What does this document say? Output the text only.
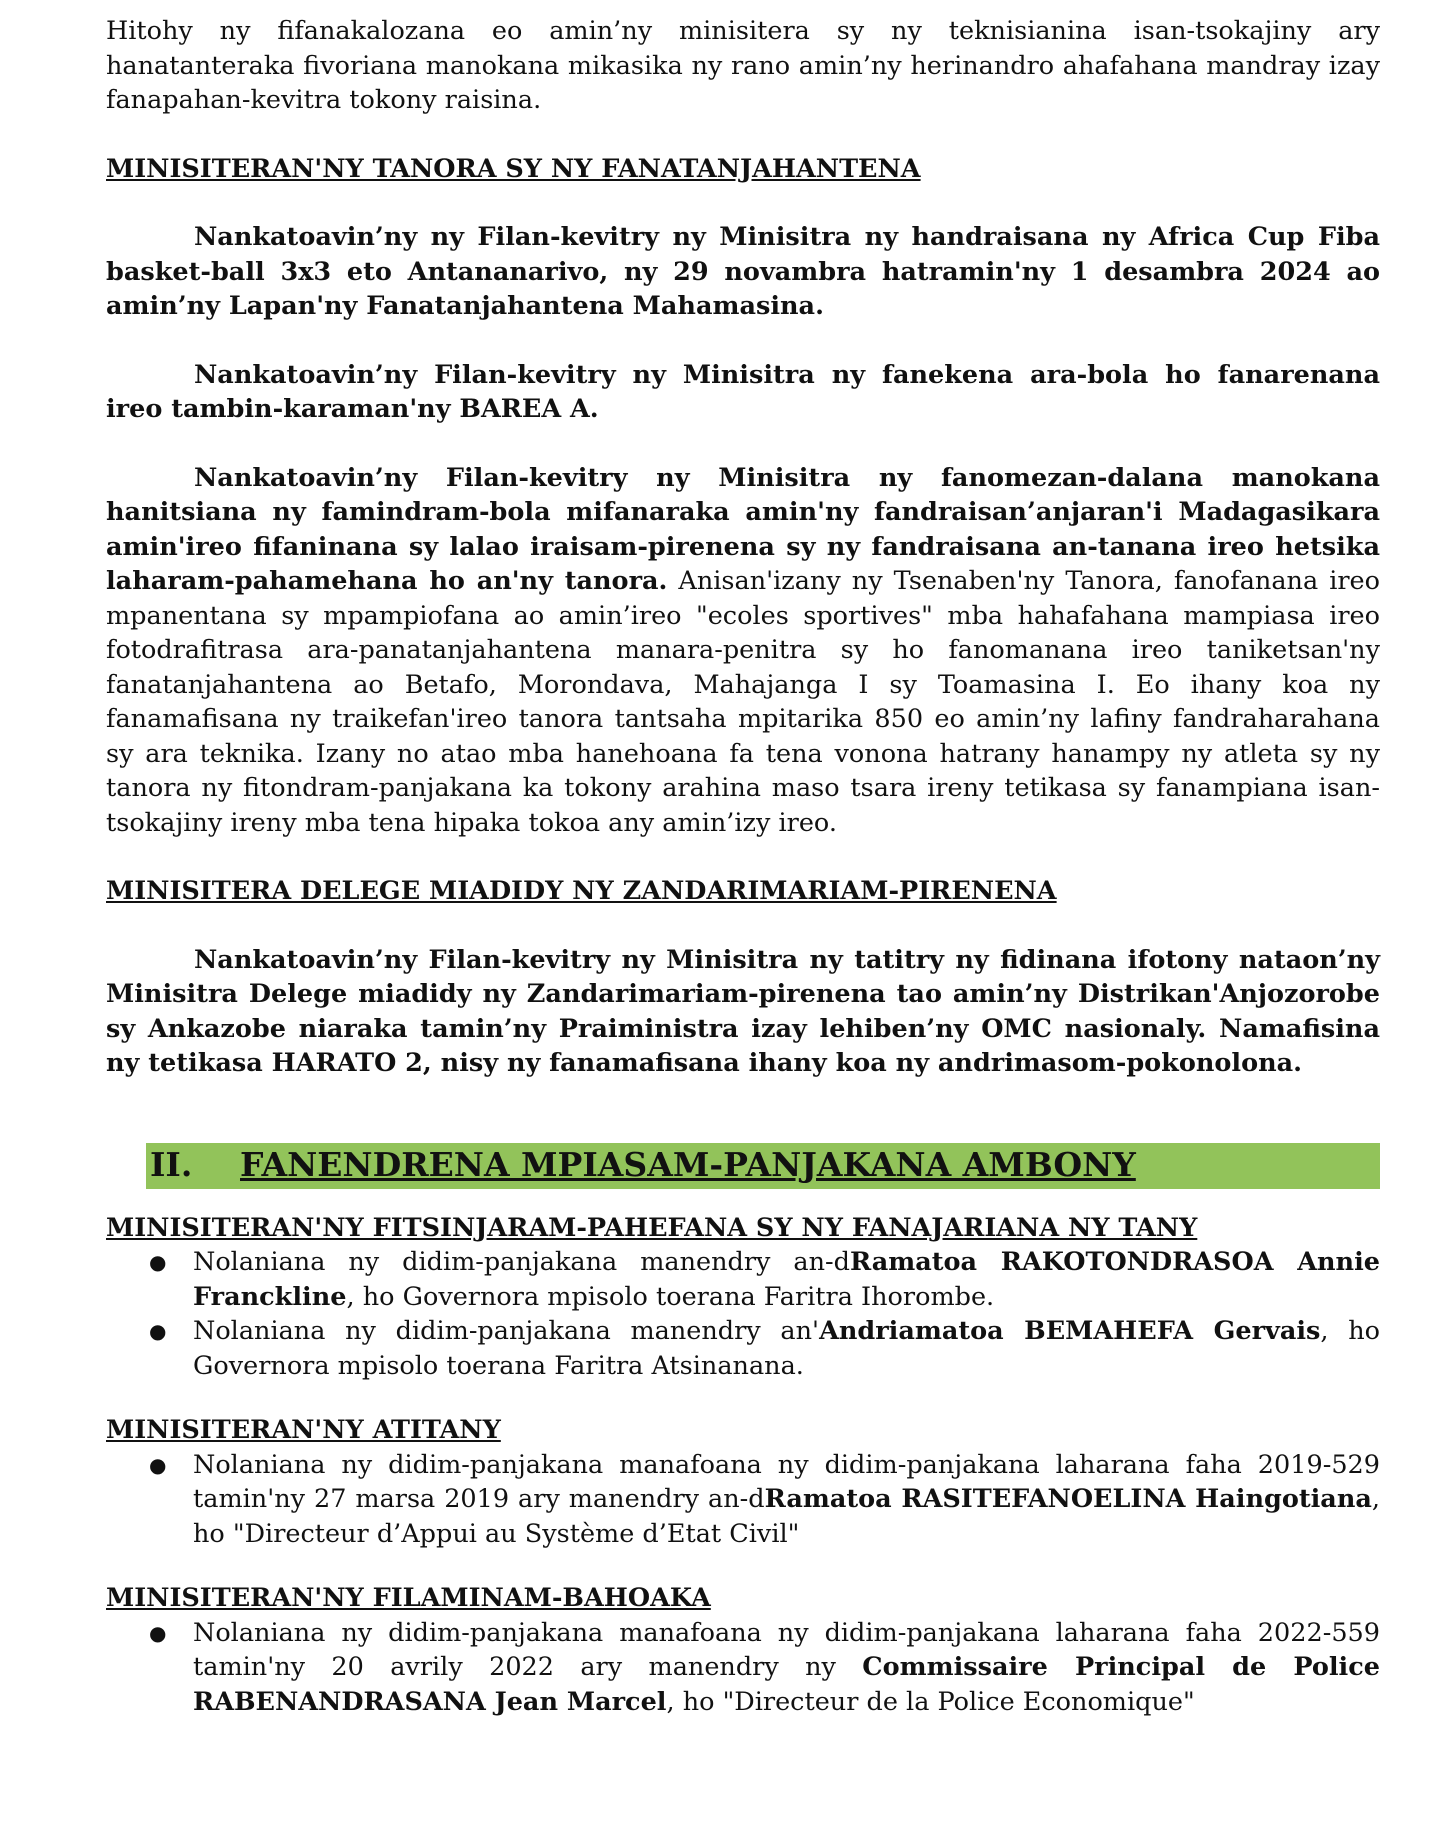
Hitohy ny fifanakalozana eo amin’ny minisitera sy ny teknisianina isan-tsokajiny ary hanatanteraka fivoriana manokana mikasika ny rano amin’ny herinandro ahafahana mandray izay fanapahan-kevitra tokony raisina.

MINISITERAN'NY TANORA SY NY FANATANJAHANTENA

Nankatoavin’ny ny Filan-kevitry ny Minisitra ny handraisana ny Africa Cup Fiba basket-ball 3x3 eto Antananarivo, ny 29 novambra hatramin'ny 1 desambra 2024 ao amin’ny Lapan'ny Fanatanjahantena Mahamasina.

Nankatoavin’ny Filan-kevitry ny Minisitra ny fanekena ara-bola ho fanarenana ireo tambin-karaman'ny BAREA A.

Nankatoavin’ny Filan-kevitry ny Minisitra ny fanomezan-dalana manokana hanitsiana ny famindram-bola mifanaraka amin'ny fandraisan’anjaran'i Madagasikara amin'ireo fifaninana sy lalao iraisam-pirenena sy ny fandraisana an-tanana ireo hetsika laharam-pahamehana ho an'ny tanora. Anisan'izany ny Tsenaben'ny Tanora, fanofanana ireo mpanentana sy mpampiofana ao amin’ireo "ecoles sportives" mba hahafahana mampiasa ireo fotodrafitrasa ara-panatanjahantena manara-penitra sy ho fanomanana ireo taniketsan'ny fanatanjahantena ao Betafo, Morondava, Mahajanga I sy Toamasina I. Eo ihany koa ny fanamafisana ny traikefan'ireo tanora tantsaha mpitarika 850 eo amin’ny lafiny fandraharahana sy ara teknika. Izany no atao mba hanehoana fa tena vonona hatrany hanampy ny atleta sy ny tanora ny fitondram-panjakana ka tokony arahina maso tsara ireny tetikasa sy fanampiana isan-tsokajiny ireny mba tena hipaka tokoa any amin’izy ireo.

MINISITERA DELEGE MIADIDY NY ZANDARIMARIAM-PIRENENA

Nankatoavin’ny Filan-kevitry ny Minisitra ny tatitry ny fidinana ifotony nataon’ny Minisitra Delege miadidy ny Zandarimariam-pirenena tao amin’ny Distrikan'Anjozorobe sy Ankazobe niaraka tamin’ny Praiministra izay lehiben’ny OMC nasionaly. Namafisina ny tetikasa HARATO 2, nisy ny fanamafisana ihany koa ny andrimasom-pokonolona.

II.	FANENDRENA MPIASAM-PANJAKANA AMBONY

MINISITERAN'NY FITSINJARAM-PAHEFANA SY NY FANAJARIANA NY TANY

● Nolaniana ny didim-panjakana manendry an-dRamatoa RAKOTONDRASOA Annie Franckline, ho Governora mpisolo toerana Faritra Ihorombe.
● Nolaniana ny didim-panjakana manendry an'Andriamatoa BEMAHEFA Gervais, ho Governora mpisolo toerana Faritra Atsinanana.

MINISITERAN'NY ATITANY

● Nolaniana ny didim-panjakana manafoana ny didim-panjakana laharana faha 2019-529 tamin'ny 27 marsa 2019 ary manendry an-dRamatoa RASITEFANOELINA Haingotiana, ho "Directeur d’Appui au Système d’Etat Civil"

MINISITERAN'NY FILAMINAM-BAHOAKA

● Nolaniana ny didim-panjakana manafoana ny didim-panjakana laharana faha 2022-559 tamin'ny 20 avrily 2022 ary manendry ny Commissaire Principal de Police RABENANDRASANA Jean Marcel, ho "Directeur de la Police Economique"
